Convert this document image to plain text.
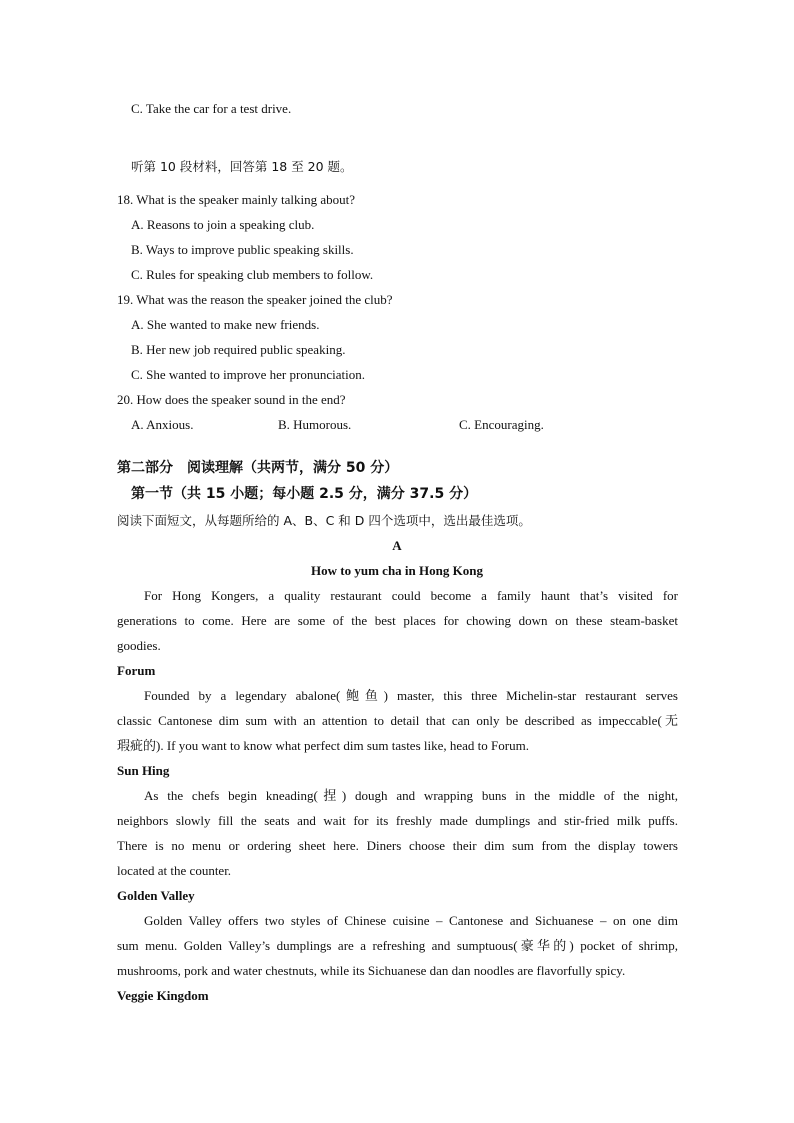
C. Take the car for a test drive.
听第 10 段材料，回答第 18 至 20 题。
18. What is the speaker mainly talking about?
A. Reasons to join a speaking club.
B. Ways to improve public speaking skills.
C. Rules for speaking club members to follow.
19. What was the reason the speaker joined the club?
A. She wanted to make new friends.
B. Her new job required public speaking.
C. She wanted to improve her pronunciation.
20. How does the speaker sound in the end?
A. Anxious.	B. Humorous.	C. Encouraging.
第二部分　阅读理解（共两节，满分 50 分）
第一节（共 15 小题；每小题 2.5 分，满分 37.5 分）
阅读下面短文，从每题所给的 A、B、C 和 D 四个选项中，选出最佳选项。
A
How to yum cha in Hong Kong
For Hong Kongers, a quality restaurant could become a family haunt that’s visited for
generations to come. Here are some of the best places for chowing down on these steam-basket
goodies.
Forum
Founded by a legendary abalone(鲍鱼) master, this three Michelin-star restaurant serves
classic Cantonese dim sum with an attention to detail that can only be described as impeccable(无
瑕疵的). If you want to know what perfect dim sum tastes like, head to Forum.
Sun Hing
As the chefs begin kneading(捏) dough and wrapping buns in the middle of the night,
neighbors slowly fill the seats and wait for its freshly made dumplings and stir-fried milk puffs.
There is no menu or ordering sheet here. Diners choose their dim sum from the display towers
located at the counter.
Golden Valley
Golden Valley offers two styles of Chinese cuisine – Cantonese and Sichuanese – on one dim
sum menu. Golden Valley’s dumplings are a refreshing and sumptuous(豪华的) pocket of shrimp,
mushrooms, pork and water chestnuts, while its Sichuanese dan dan noodles are flavorfully spicy.
Veggie Kingdom
